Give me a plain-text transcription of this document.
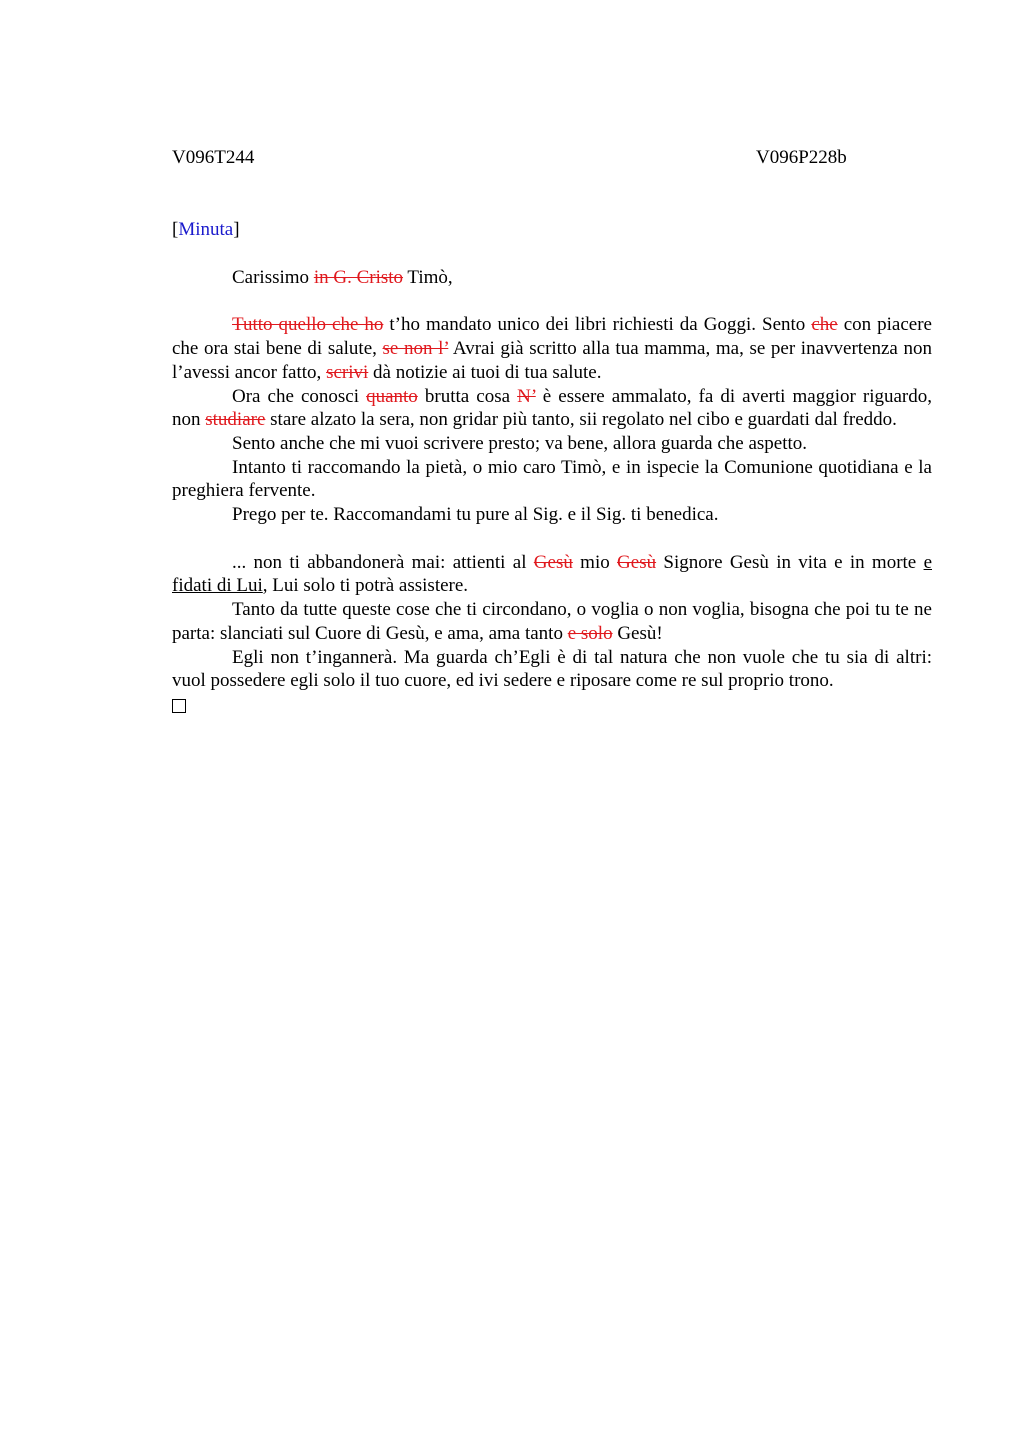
V096T244	V096P228b
[Minuta]
Carissimo in G. Cristo Timò,

Tutto quello che ho t’ho mandato unico dei libri richiesti da Goggi. Sento che con piacere che ora stai bene di salute, se non l’ Avrai già scritto alla tua mamma, ma, se per inavvertenza non l’avessi ancor fatto, scrivi dà notizie ai tuoi di tua salute.

Ora che conosci quanto brutta cosa N’ è essere ammalato, fa di averti maggior riguardo, non studiare stare alzato la sera, non gridar più tanto, sii regolato nel cibo e guardati dal freddo.

Sento anche che mi vuoi scrivere presto; va bene, allora guarda che aspetto.

Intanto ti raccomando la pietà, o mio caro Timò, e in ispecie la Comunione quotidiana e la preghiera fervente.

Prego per te. Raccomandami tu pure al Sig. e il Sig. ti benedica.

... non ti abbandonerà mai: attienti al Gesù mio Gesù Signore Gesù in vita e in morte e fidati di Lui, Lui solo ti potrà assistere.

Tanto da tutte queste cose che ti circondano, o voglia o non voglia, bisogna che poi tu te ne parta: slanciati sul Cuore di Gesù, e ama, ama tanto e solo Gesù!

Egli non t’ingannerà. Ma guarda ch’Egli è di tal natura che non vuole che tu sia di altri: vuol possedere egli solo il tuo cuore, ed ivi sedere e riposare come re sul proprio trono.
